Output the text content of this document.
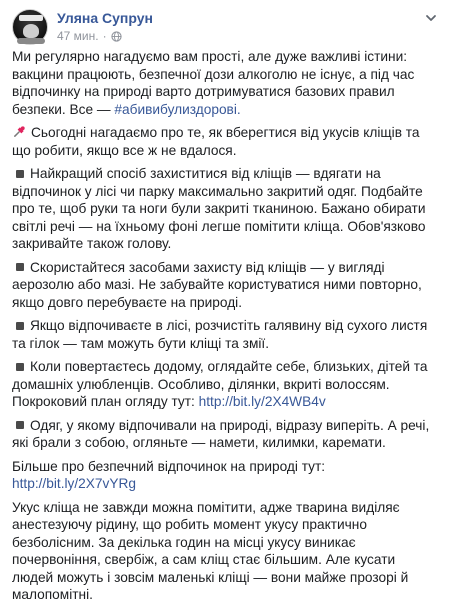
Уляна Супрун
47 мин. ·

Ми регулярно нагадуємо вам прості, але дуже важливі істини: вакцини працюють, безпечної дози алкоголю не існує, а під час відпочинку на природі варто дотримуватися базових правил безпеки. Все — #абивибулиздорові.

Сьогодні нагадаємо про те, як вберегтися від укусів кліщів та що робити, якщо все ж не вдалося.

Найкращий спосіб захиститися від кліщів — вдягати на відпочинок у лісі чи парку максимально закритий одяг. Подбайте про те, щоб руки та ноги були закриті тканиною. Бажано обирати світлі речі — на їхньому фоні легше помітити кліща. Обов'язково закривайте також голову.

Скористайтеся засобами захисту від кліщів — у вигляді аерозолю або мазі. Не забувайте користуватися ними повторно, якщо довго перебуваєте на природі.

Якщо відпочиваєте в лісі, розчистіть галявину від сухого листя та гілок — там можуть бути кліщі та змії.

Коли повертаєтесь додому, оглядайте себе, близьких, дітей та домашніх улюбленців. Особливо, ділянки, вкриті волоссям. Покроковий план огляду тут: http://bit.ly/2X4WB4v

Одяг, у якому відпочивали на природі, відразу виперіть. А речі, які брали з собою, огляньте — намети, килимки, каремати.

Більше про безпечний відпочинок на природі тут: http://bit.ly/2X7vYRg

Укус кліща не завжди можна помітити, адже тварина виділяє анестезуючу рідину, що робить момент укусу практично безболісним. За декілька годин на місці укусу виникає почервоніння, свербіж, а сам кліщ стає більшим. Але кусати людей можуть і зовсім маленькі кліщі — вони майже прозорі й малопомітні.
